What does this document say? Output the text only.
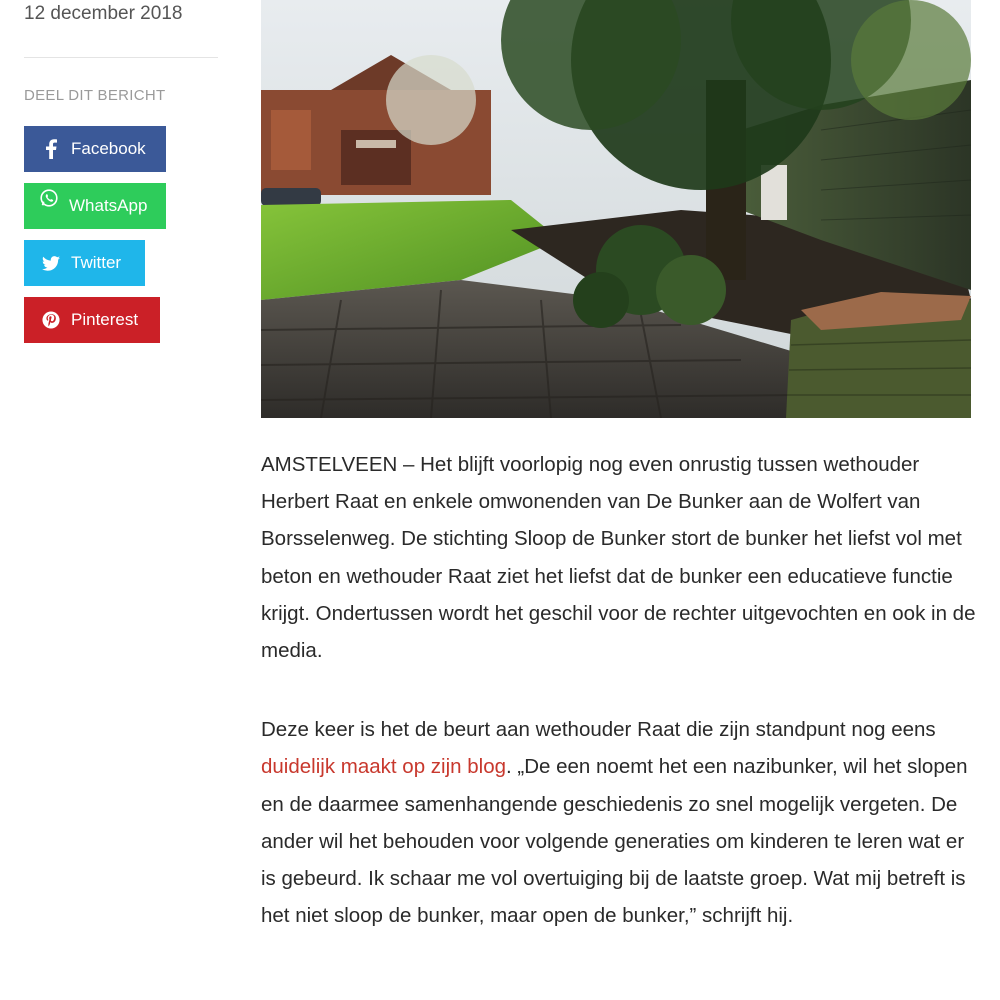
12 december 2018
DEEL DIT BERICHT
Facebook
WhatsApp
Twitter
Pinterest

AMSTELVEEN – Het blijft voorlopig nog even onrustig tussen wethouder Herbert Raat en enkele omwonenden van De Bunker aan de Wolfert van Borsselenweg. De stichting Sloop de Bunker stort de bunker het liefst vol met beton en wethouder Raat ziet het liefst dat de bunker een educatieve functie krijgt. Ondertussen wordt het geschil voor de rechter uitgevochten en ook in de media.

Deze keer is het de beurt aan wethouder Raat die zijn standpunt nog eens duidelijk maakt op zijn blog. „De een noemt het een nazibunker, wil het slopen en de daarmee samenhangende geschiedenis zo snel mogelijk vergeten. De ander wil het behouden voor volgende generaties om kinderen te leren wat er is gebeurd. Ik schaar me vol overtuiging bij de laatste groep. Wat mij betreft is het niet sloop de bunker, maar open de bunker,” schrijft hij.
